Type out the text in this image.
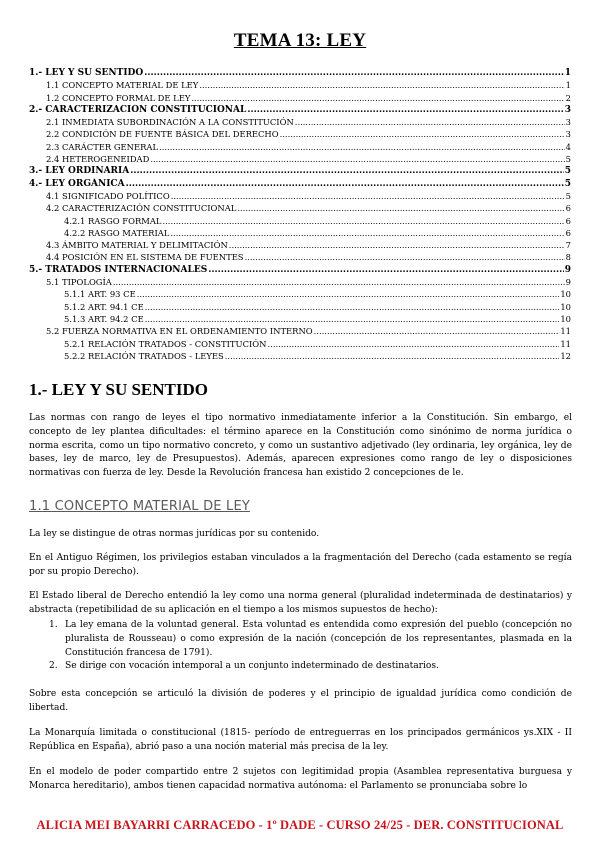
TEMA 13: LEY
1.- LEY Y SU SENTIDO .....	1
1.1 CONCEPTO MATERIAL DE LEY .....	1
1.2 CONCEPTO FORMAL DE LEY .....	2
2.- CARACTERIZACIÓN CONSTITUCIONAL .....	3
2.1 INMEDIATA SUBORDINACIÓN A LA CONSTITUCIÓN .....	3
2.2 CONDICIÓN DE FUENTE BÁSICA DEL DERECHO .....	3
2.3 CARÁCTER GENERAL .....	4
2.4 HETEROGENEIDAD .....	5
3.- LEY ORDINARIA .....	5
4.- LEY ORGÁNICA .....	5
4.1 SIGNIFICADO POLÍTICO .....	5
4.2 CARACTERIZACIÓN CONSTITUCIONAL .....	6
4.2.1 RASGO FORMAL .....	6
4.2.2 RASGO MATERIAL .....	6
4.3 ÁMBITO MATERIAL Y DELIMITACIÓN .....	7
4.4 POSICIÓN EN EL SISTEMA DE FUENTES .....	8
5.- TRATADOS INTERNACIONALES .....	9
5.1 TIPOLOGÍA .....	9
5.1.1 ART. 93 CE .....	10
5.1.2 ART. 94.1 CE .....	10
5.1.3 ART. 94.2 CE .....	10
5.2 FUERZA NORMATIVA EN EL ORDENAMIENTO INTERNO .....	11
5.2.1 RELACIÓN TRATADOS - CONSTITUCIÓN .....	11
5.2.2 RELACIÓN TRATADOS - LEYES .....	12
1.- LEY Y SU SENTIDO
Las normas con rango de leyes el tipo normativo inmediatamente inferior a la Constitución. Sin embargo, el concepto de ley plantea dificultades: el término aparece en la Constitución como sinónimo de norma jurídica o norma escrita, como un tipo normativo concreto, y como un sustantivo adjetivado (ley ordinaria, ley orgánica, ley de bases, ley de marco, ley de Presupuestos). Además, aparecen expresiones como rango de ley o disposiciones normativas con fuerza de ley. Desde la Revolución francesa han existido 2 concepciones de le.
1.1 CONCEPTO MATERIAL DE LEY
La ley se distingue de otras normas jurídicas por su contenido.
En el Antiguo Régimen, los privilegios estaban vinculados a la fragmentación del Derecho (cada estamento se regía por su propio Derecho).
El Estado liberal de Derecho entendió la ley como una norma general (pluralidad indeterminada de destinatarios) y abstracta (repetibilidad de su aplicación en el tiempo a los mismos supuestos de hecho):
1. La ley emana de la voluntad general. Esta voluntad es entendida como expresión del pueblo (concepción no pluralista de Rousseau) o como expresión de la nación (concepción de los representantes, plasmada en la Constitución francesa de 1791).
2. Se dirige con vocación intemporal a un conjunto indeterminado de destinatarios.
Sobre esta concepción se articuló la división de poderes y el principio de igualdad jurídica como condición de libertad.
La Monarquía limitada o constitucional (1815- período de entreguerras en los principados germánicos ys.XIX - II República en España), abrió paso a una noción material más precisa de la ley.
En el modelo de poder compartido entre 2 sujetos con legitimidad propia (Asamblea representativa burguesa y Monarca hereditario), ambos tienen capacidad normativa autónoma: el Parlamento se pronunciaba sobre lo
ALICIA MEI BAYARRI CARRACEDO - 1º DADE - CURSO 24/25 - DER. CONSTITUCIONAL
